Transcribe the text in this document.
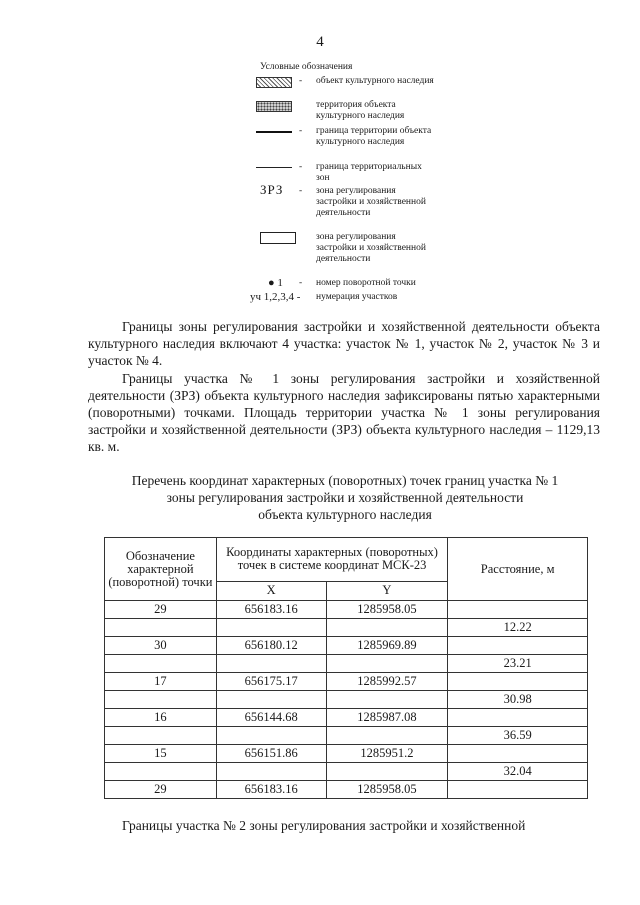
4
Условные обозначения
- объект культурного наследия
территория объекта культурного наследия
- граница территории объекта культурного наследия
- граница территориальных зон
ЗРЗ - зона регулирования застройки и хозяйственной деятельности
зона регулирования застройки и хозяйственной деятельности
● 1 - номер поворотной точки
уч 1,2,3,4 - нумерация участков

Границы зоны регулирования застройки и хозяйственной деятельности объекта культурного наследия включают 4 участка: участок № 1, участок № 2, участок № 3 и участок № 4.

Границы участка № 1 зоны регулирования застройки и хозяйственной деятельности (ЗРЗ) объекта культурного наследия зафиксированы пятью характерными (поворотными) точками. Площадь территории участка № 1 зоны регулирования застройки и хозяйственной деятельности (ЗРЗ) объекта культурного наследия – 1129,13 кв. м.

Перечень координат характерных (поворотных) точек границ участка № 1
зоны регулирования застройки и хозяйственной деятельности
объекта культурного наследия
Обозначение характерной (поворотной) точки	Координаты характерных (поворотных) точек в системе координат МСК-23		Расстояние, м
	X	Y	
29	656183.16	1285958.05	
			12.22
30	656180.12	1285969.89	
			23.21
17	656175.17	1285992.57	
			30.98
16	656144.68	1285987.08	
			36.59
15	656151.86	1285951.2	
			32.04
29	656183.16	1285958.05	
Границы участка № 2 зоны регулирования застройки и хозяйственной
